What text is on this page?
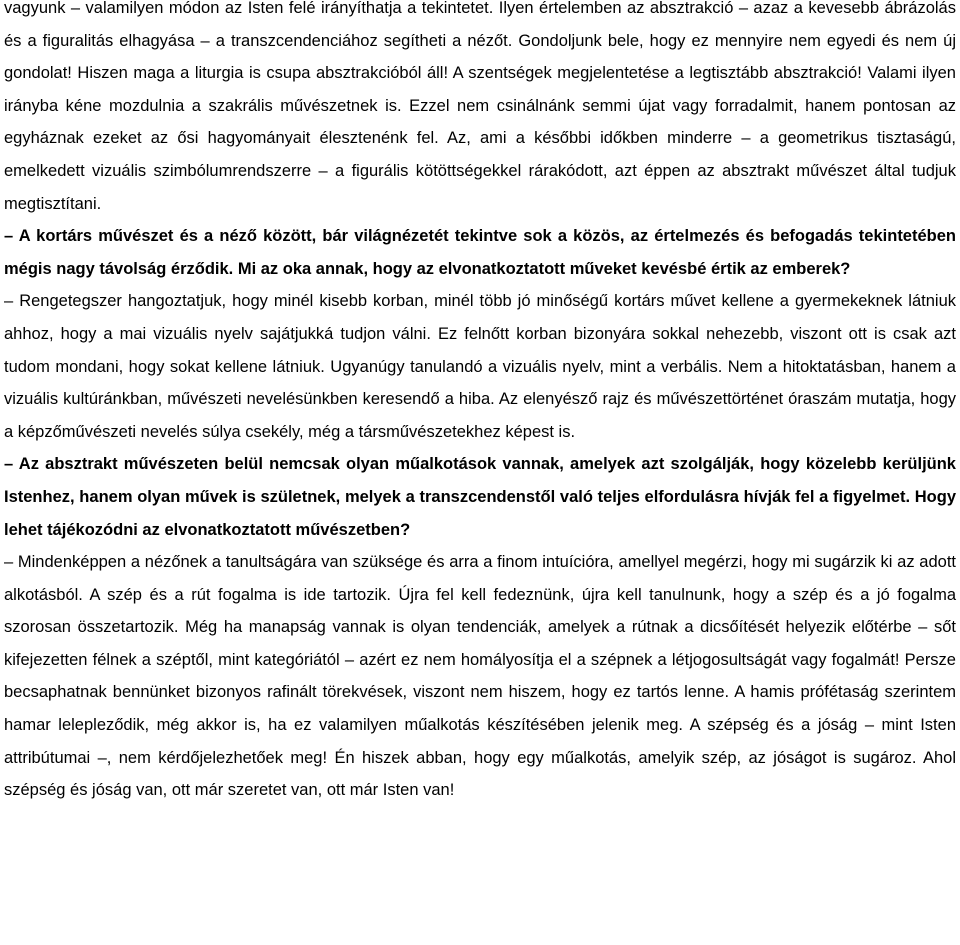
vagyunk – valamilyen módon az Isten felé irányíthatja a tekintetet. Ilyen értelemben az absztrakció – azaz a kevesebb ábrázolás és a figuralitás elhagyása – a transzcendenciához segítheti a nézőt. Gondoljunk bele, hogy ez mennyire nem egyedi és nem új gondolat! Hiszen maga a liturgia is csupa absztrakcióból áll! A szentségek megjelentetése a legtisztább absztrakció! Valami ilyen irányba kéne mozdulnia a szakrális művészetnek is. Ezzel nem csinálnánk semmi újat vagy forradalmit, hanem pontosan az egyháznak ezeket az ősi hagyományait élesztenénk fel. Az, ami a későbbi időkben minderre – a geometrikus tisztaságú, emelkedett vizuális szimbólumrendszerre – a figurális kötöttségekkel rárakódott, azt éppen az absztrakt művészet által tudjuk megtisztítani.

– A kortárs művészet és a néző között, bár világnézetét tekintve sok a közös, az értelmezés és befogadás tekintetében mégis nagy távolság érződik. Mi az oka annak, hogy az elvonatkoztatott műveket kevésbé értik az emberek?

– Rengetegszer hangoztatjuk, hogy minél kisebb korban, minél több jó minőségű kortárs művet kellene a gyermekeknek látniuk ahhoz, hogy a mai vizuális nyelv sajátjukká tudjon válni. Ez felnőtt korban bizonyára sokkal nehezebb, viszont ott is csak azt tudom mondani, hogy sokat kellene látniuk. Ugyanúgy tanulandó a vizuális nyelv, mint a verbális. Nem a hitoktatásban, hanem a vizuális kultúránkban, művészeti nevelésünkben keresendő a hiba. Az elenyésző rajz és művészettörténet óraszám mutatja, hogy a képzőművészeti nevelés súlya csekély, még a társművészetekhez képest is.

– Az absztrakt művészeten belül nemcsak olyan műalkotások vannak, amelyek azt szolgálják, hogy közelebb kerüljünk Istenhez, hanem olyan művek is születnek, melyek a transzcendenstől való teljes elfordulásra hívják fel a figyelmet. Hogy lehet tájékozódni az elvonatkoztatott művészetben?

– Mindenképpen a nézőnek a tanultságára van szüksége és arra a finom intuícióra, amellyel megérzi, hogy mi sugárzik ki az adott alkotásból. A szép és a rút fogalma is ide tartozik. Újra fel kell fedeznünk, újra kell tanulnunk, hogy a szép és a jó fogalma szorosan összetartozik. Még ha manapság vannak is olyan tendenciák, amelyek a rútnak a dicsőítését helyezik előtérbe – sőt kifejezetten félnek a széptől, mint kategóriától – azért ez nem homályosítja el a szépnek a létjogosultságát vagy fogalmát! Persze becsaphatnak bennünket bizonyos rafinált törekvések, viszont nem hiszem, hogy ez tartós lenne. A hamis prófétaság szerintem hamar lelepleződik, még akkor is, ha ez valamilyen műalkotás készítésében jelenik meg. A szépség és a jóság – mint Isten attribútumai –, nem kérdőjelezhetőek meg! Én hiszek abban, hogy egy műalkotás, amelyik szép, az jóságot is sugároz. Ahol szépség és jóság van, ott már szeretet van, ott már Isten van!
